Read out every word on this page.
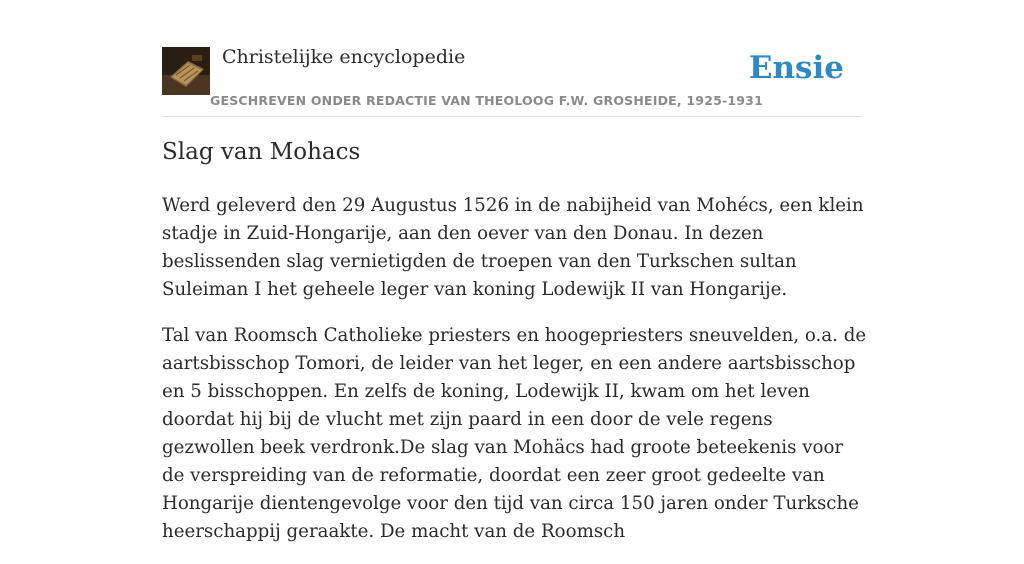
Christelijke encyclopedie
GESCHREVEN ONDER REDACTIE VAN THEOLOOG F.W. GROSHEIDE, 1925-1931
Ensie
Slag van Mohacs

Werd geleverd den 29 Augustus 1526 in de nabijheid van Mohécs, een klein stadje in Zuid-Hongarije, aan den oever van den Donau. In dezen beslissenden slag vernietigden de troepen van den Turkschen sultan Suleiman I het geheele leger van koning Lodewijk II van Hongarije.

Tal van Roomsch Catholieke priesters en hoogepriesters sneuvelden, o.a. de aartsbisschop Tomori, de leider van het leger, en een andere aartsbisschop en 5 bisschoppen. En zelfs de koning, Lodewijk II, kwam om het leven doordat hij bij de vlucht met zijn paard in een door de vele regens gezwollen beek verdronk.De slag van Mohäcs had groote beteekenis voor de verspreiding van de reformatie, doordat een zeer groot gedeelte van Hongarije dientengevolge voor den tijd van circa 150 jaren onder Turksche heerschappij geraakte. De macht van de Roomsch
